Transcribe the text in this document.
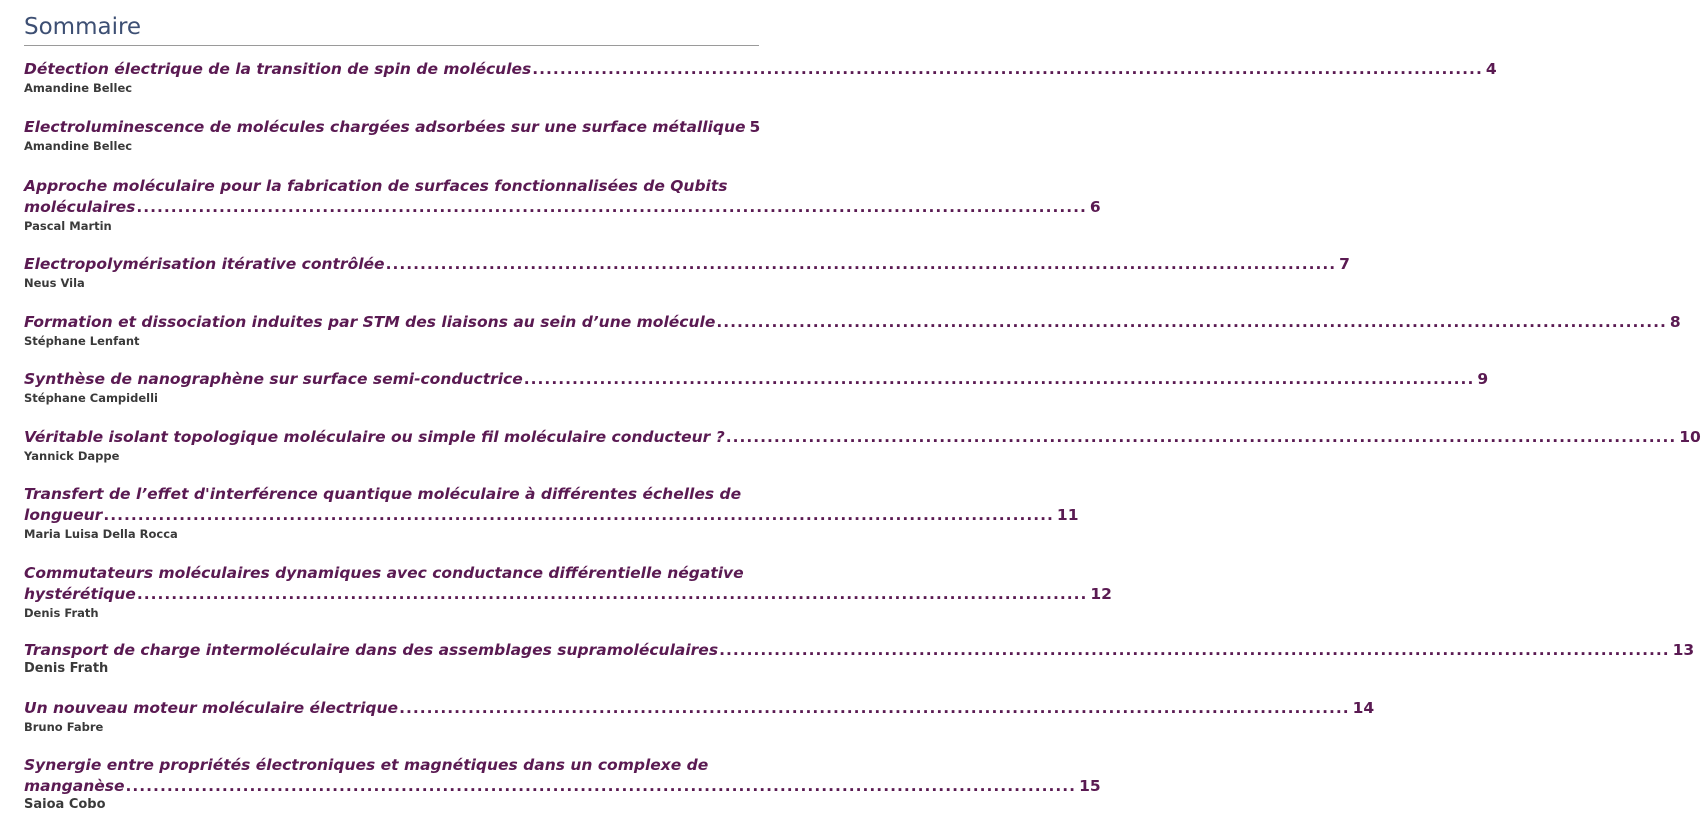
Sommaire
Détection électrique de la transition de spin de molécules .......................................................................................................................................... 4
Amandine Bellec
Electroluminescence de molécules chargées adsorbées sur une surface métallique 5
Amandine Bellec
Approche moléculaire pour la fabrication de surfaces fonctionnalisées de Qubits
moléculaires .......................................................................................................................................... 6
Pascal Martin
Electropolymérisation itérative contrôlée .......................................................................................................................................... 7
Neus Vila
Formation et dissociation induites par STM des liaisons au sein d’une molécule .......................................................................................................................................... 8
Stéphane Lenfant
Synthèse de nanographène sur surface semi-conductrice .......................................................................................................................................... 9
Stéphane Campidelli
Véritable isolant topologique moléculaire ou simple fil moléculaire conducteur ? .......................................................................................................................................... 10
Yannick Dappe
Transfert de l’effet d'interférence quantique moléculaire à différentes échelles de
longueur .......................................................................................................................................... 11
Maria Luisa Della Rocca
Commutateurs moléculaires dynamiques avec conductance différentielle négative
hystérétique .......................................................................................................................................... 12
Denis Frath
Transport de charge intermoléculaire dans des assemblages supramoléculaires .......................................................................................................................................... 13
Denis Frath
Un nouveau moteur moléculaire électrique .......................................................................................................................................... 14
Bruno Fabre
Synergie entre propriétés électroniques et magnétiques dans un complexe de
manganèse .......................................................................................................................................... 15
Saioa Cobo
